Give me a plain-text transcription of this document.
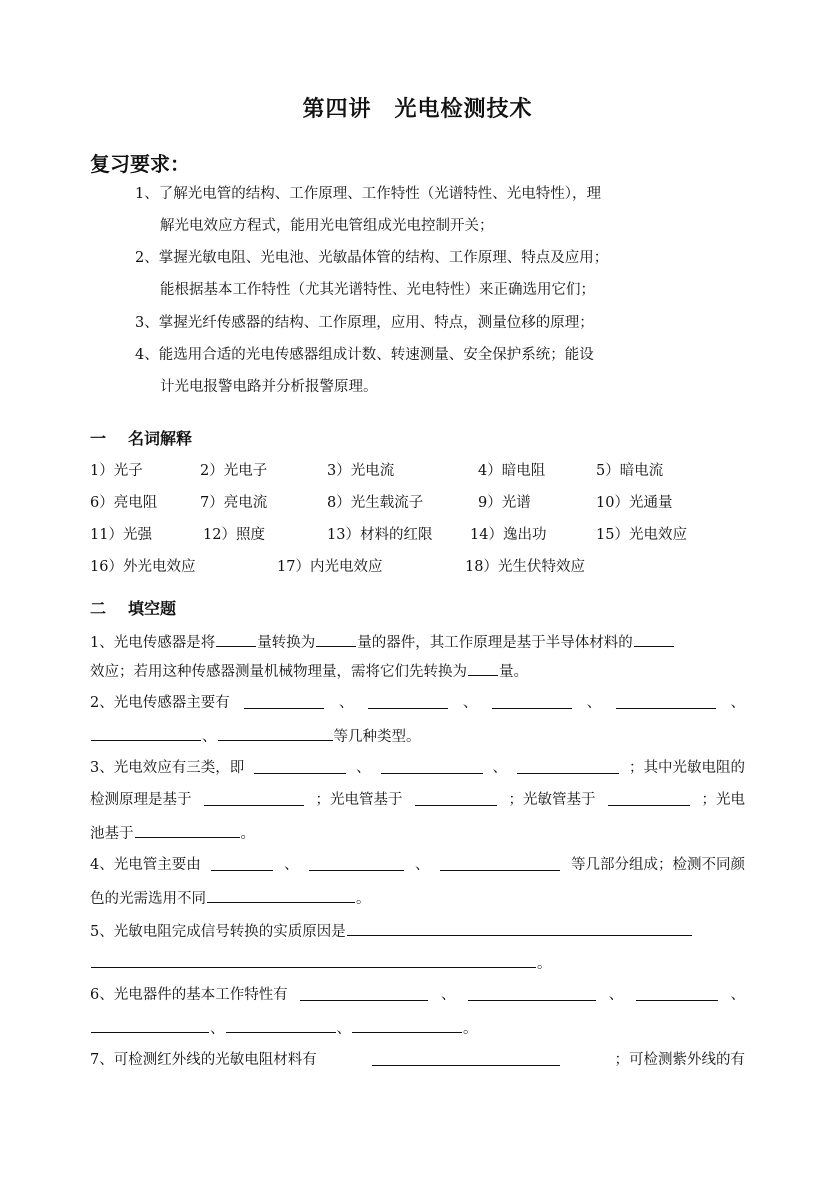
第四讲　光电检测技术
复习要求：
1、了解光电管的结构、工作原理、工作特性（光谱特性、光电特性），理
解光电效应方程式，能用光电管组成光电控制开关；
2、掌握光敏电阻、光电池、光敏晶体管的结构、工作原理、特点及应用；
能根据基本工作特性（尤其光谱特性、光电特性）来正确选用它们；
3、掌握光纤传感器的结构、工作原理，应用、特点，测量位移的原理；
4、能选用合适的光电传感器组成计数、转速测量、安全保护系统；能设
计光电报警电路并分析报警原理。
一 名词解释
1）光子	2）光电子	3）光电流	4）暗电阻	5）暗电流
6）亮电阻	7）亮电流	8）光生载流子	9）光谱	10）光通量
11）光强	12）照度	13）材料的红限	14）逸出功	15）光电效应
16）外光电效应	17）内光电效应	18）光生伏特效应
二 填空题
1、光电传感器是将	量转换为	量的器件，其工作原理是基于半导体材料的
效应；若用这种传感器测量机械物理量，需将它们先转换为 量。
2、光电传感器主要有	、	、	、	、
、	等几种类型。
3、光电效应有三类，即	、	、	；其中光敏电阻的
检测原理是基于	；光电管基于	；光敏管基于	；光电
池基于	。
4、光电管主要由	、	、	等几部分组成；检测不同颜
色的光需选用不同	。
5、光敏电阻完成信号转换的实质原因是
。
6、光电器件的基本工作特性有	、	、	、
、	、	。
7、可检测红外线的光敏电阻材料有	；可检测紫外线的有
